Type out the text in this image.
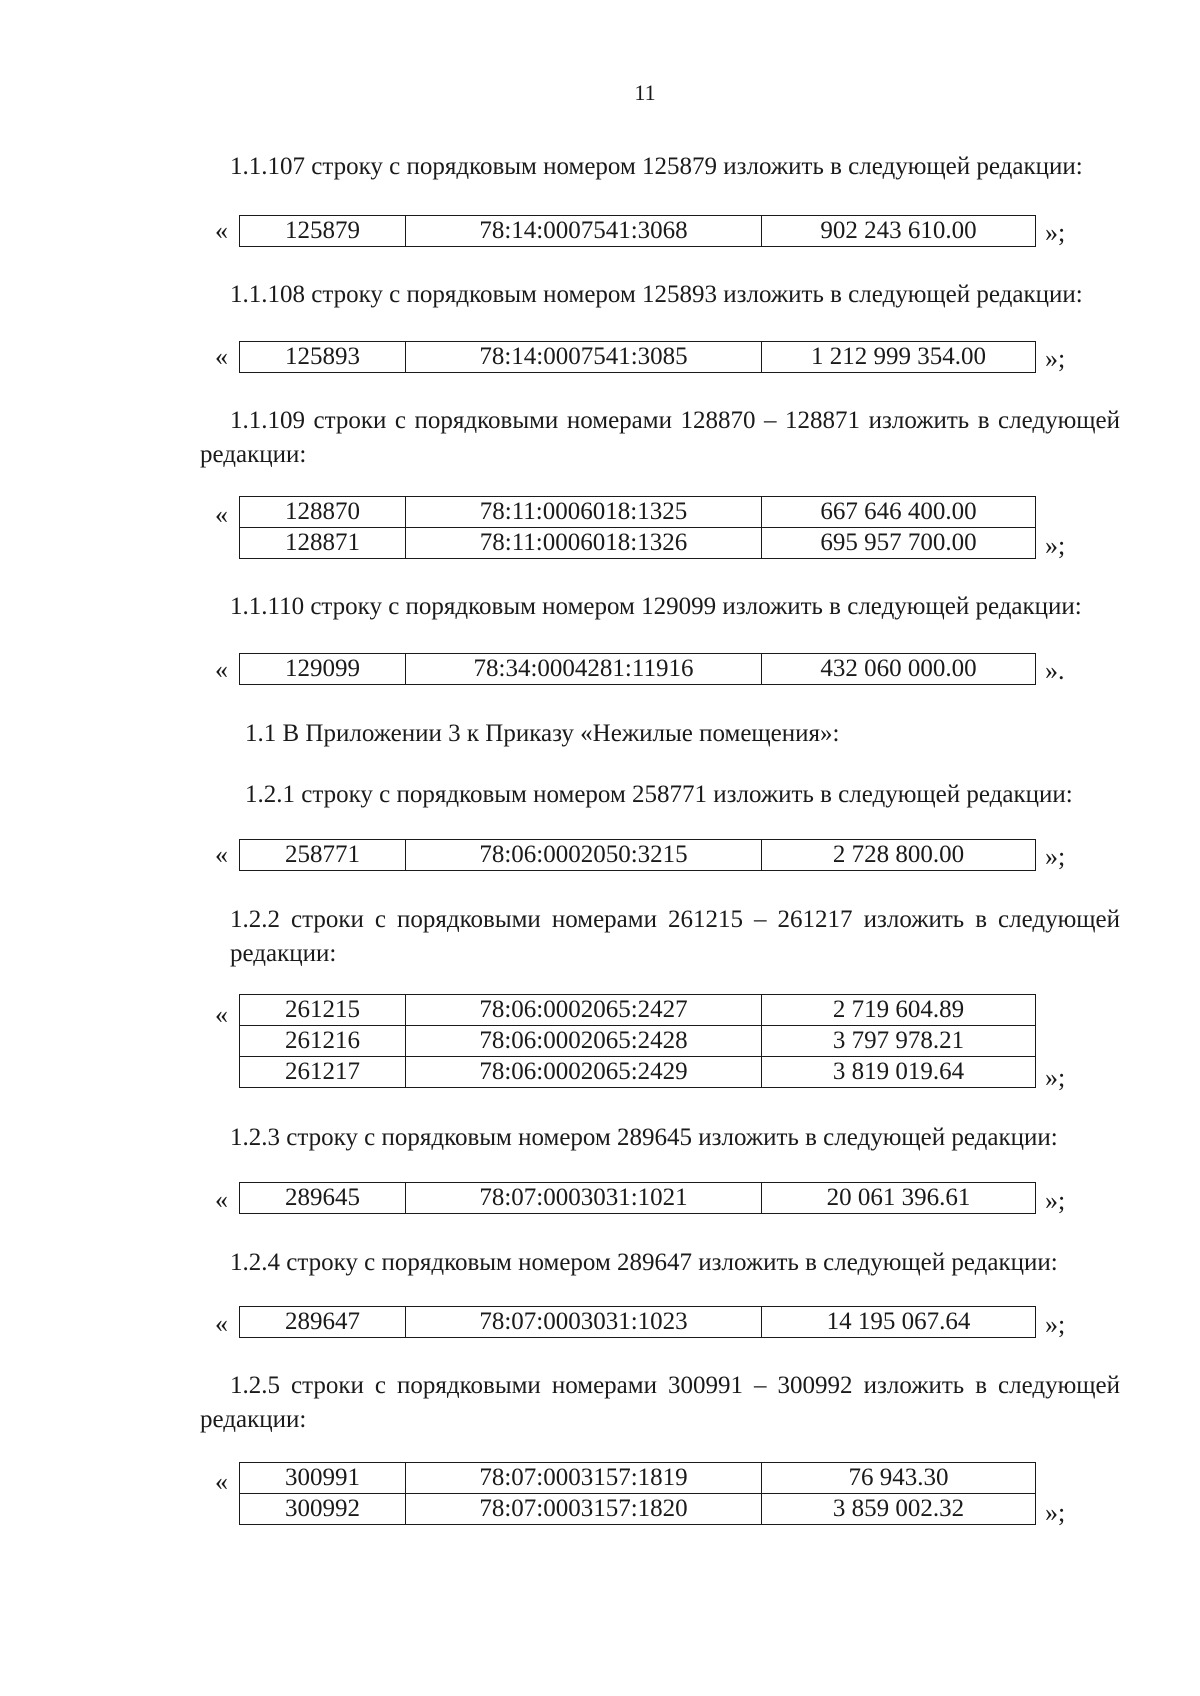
11
1.1.107 строку с порядковым номером 125879 изложить в следующей редакции:
« 125879	78:14:0007541:3068	902 243 610.00	»;
1.1.108 строку с порядковым номером 125893 изложить в следующей редакции:
« 125893	78:14:0007541:3085	1 212 999 354.00 »;
1.1.109 строки с порядковыми номерами 128870 – 128871 изложить в следующей
редакции:
« 128870	78:11:0006018:1325	667 646 400.00
128871	78:11:0006018:1326	695 957 700.00	»;
1.1.110 строку с порядковым номером 129099 изложить в следующей редакции:
« 129099	78:34:0004281:11916	432 060 000.00	».
1.1 В Приложении 3 к Приказу «Нежилые помещения»:
1.2.1 строку с порядковым номером 258771 изложить в следующей редакции:
« 258771	78:06:0002050:3215	2 728 800.00	»;
1.2.2 строки с порядковыми номерами 261215 – 261217 изложить в следующей
редакции:
« 261215	78:06:0002065:2427	2 719 604.89
261216	78:06:0002065:2428	3 797 978.21
261217	78:06:0002065:2429	3 819 019.64	»;
1.2.3 строку с порядковым номером 289645 изложить в следующей редакции:
« 289645	78:07:0003031:1021	20 061 396.61	»;
1.2.4 строку с порядковым номером 289647 изложить в следующей редакции:
« 289647	78:07:0003031:1023	14 195 067.64	»;
1.2.5 строки с порядковыми номерами 300991 – 300992 изложить в следующей
редакции:
« 300991	78:07:0003157:1819	76 943.30
300992	78:07:0003157:1820	3 859 002.32	»;
